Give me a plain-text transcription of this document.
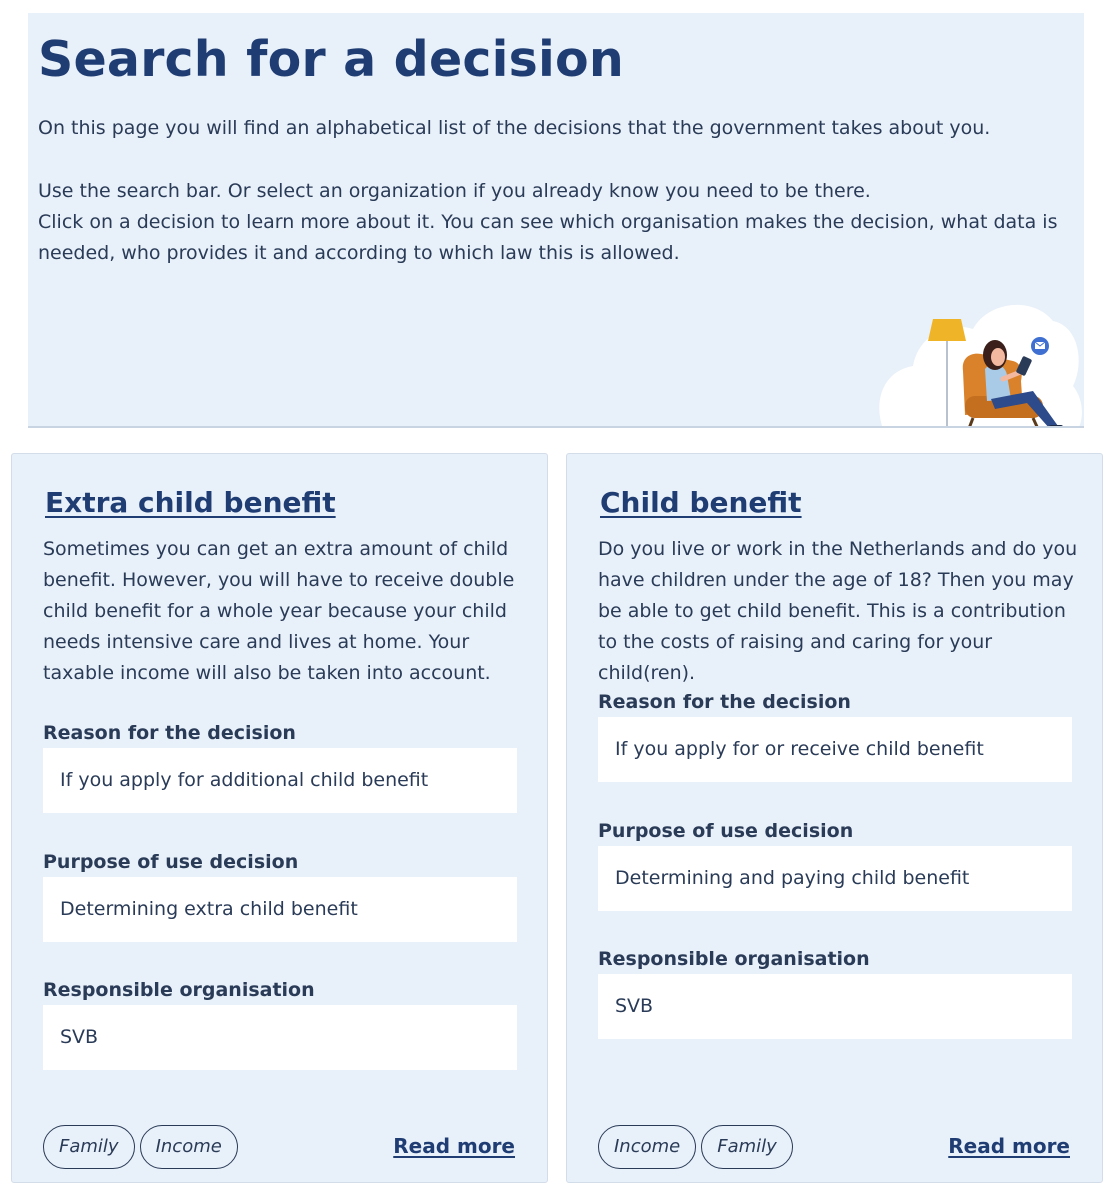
Search for a decision

On this page you will find an alphabetical list of the decisions that the government takes about you.

Use the search bar. Or select an organization if you already know you need to be there.
Click on a decision to learn more about it. You can see which organisation makes the decision, what data is needed, who provides it and according to which law this is allowed.

Extra child benefit

Sometimes you can get an extra amount of child benefit. However, you will have to receive double child benefit for a whole year because your child needs intensive care and lives at home. Your taxable income will also be taken into account.

Reason for the decision
If you apply for additional child benefit
Purpose of use decision
Determining extra child benefit
Responsible organisation
SVB
Family	Income	Read more
Child benefit

Do you live or work in the Netherlands and do you have children under the age of 18? Then you may be able to get child benefit. This is a contribution to the costs of raising and caring for your child(ren).

Reason for the decision
If you apply for or receive child benefit
Purpose of use decision
Determining and paying child benefit
Responsible organisation
SVB
Income	Family	Read more
